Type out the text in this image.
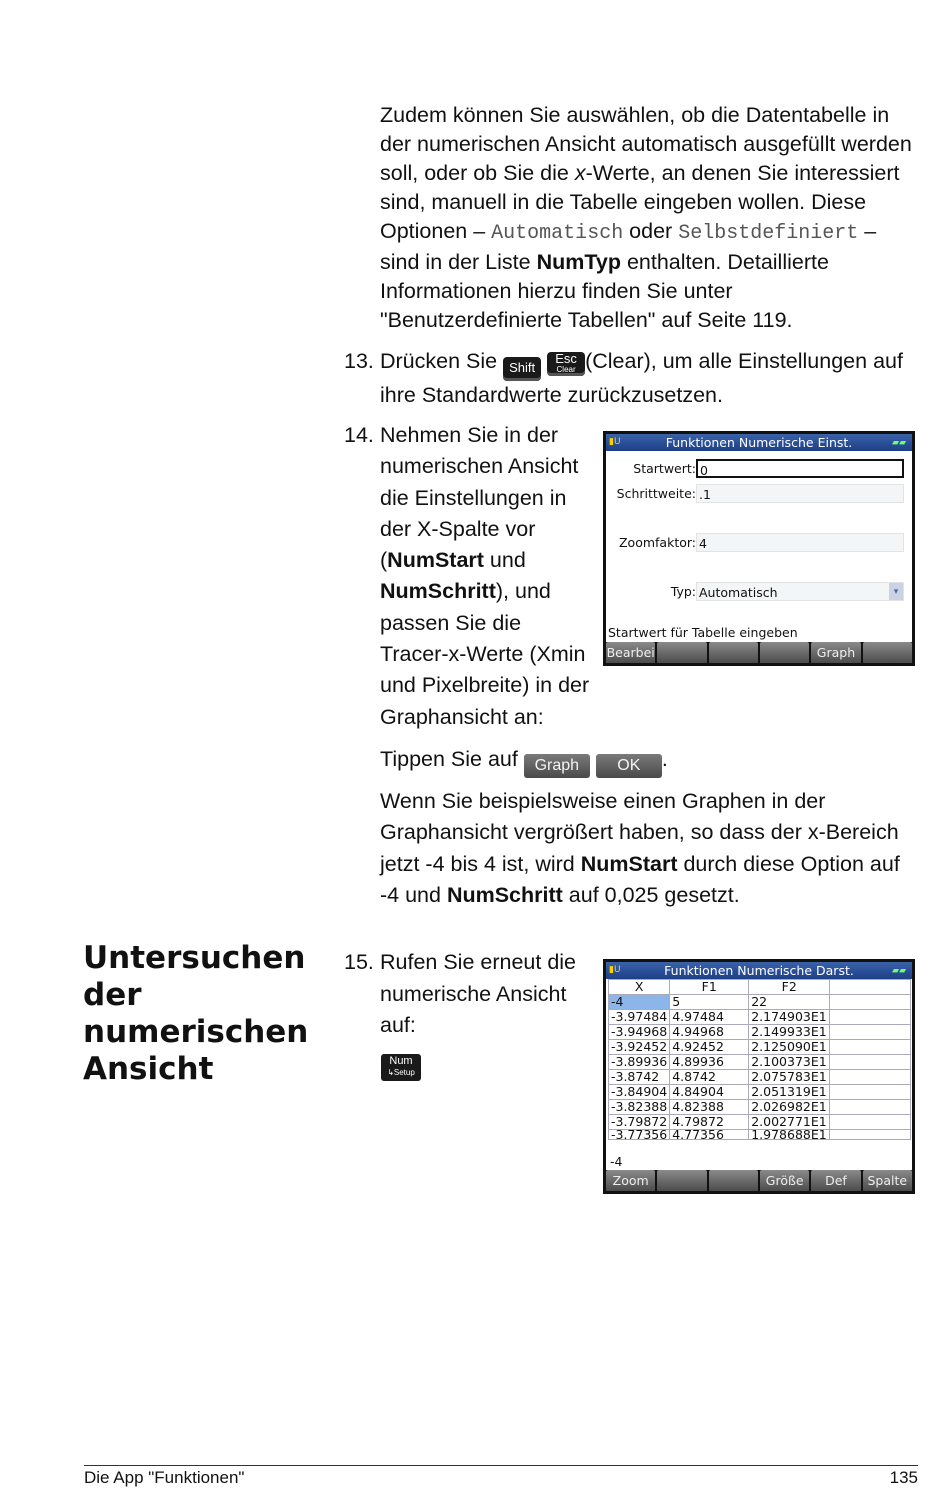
Zudem können Sie auswählen, ob die Datentabelle in der numerischen Ansicht automatisch ausgefüllt werden soll, oder ob Sie die x-Werte, an denen Sie interessiert sind, manuell in die Tabelle eingeben wollen. Diese Optionen – Automatisch oder Selbstdefiniert – sind in der Liste NumTyp enthalten. Detaillierte Informationen hierzu finden Sie unter "Benutzerdefinierte Tabellen" auf Seite 119.
13. Drücken Sie Shift Esc
Clear (Clear), um alle Einstellungen auf ihre Standardwerte zurückzusetzen.
14. Nehmen Sie in der numerischen Ansicht die Einstellungen in der X-Spalte vor (NumStart und NumSchritt), und passen Sie die Tracer-x-Werte (Xmin und Pixelbreite) in der Graphansicht an:
▮U	Funktionen Numerische Einst.	▰▰
Startwert: 0
Schrittweite: .1
Zoomfaktor: 4
Typ: Automatisch	▾
Startwert für Tabelle eingeben
Bearbei	Graph
Tippen Sie auf Graph OK .
Wenn Sie beispielsweise einen Graphen in der Graphansicht vergrößert haben, so dass der x-Bereich jetzt -4 bis 4 ist, wird NumStart durch diese Option auf -4 und NumSchritt auf 0,025 gesetzt.
Untersuchen der numerischen Ansicht
15. Rufen Sie erneut die numerische Ansicht auf:
Num
↳Setup
▮U	Funktionen Numerische Darst.	▰▰
X	F1	F2	
-4	5	22	
-3.97484	4.97484	2.174903E1	
-3.94968	4.94968	2.149933E1	
-3.92452	4.92452	2.125090E1	
-3.89936	4.89936	2.100373E1	
-3.8742	4.8742	2.075783E1	
-3.84904	4.84904	2.051319E1	
-3.82388	4.82388	2.026982E1	
-3.79872	4.79872	2.002771E1	
-3.77356	4.77356	1.978688E1	
-4
Zoom	Größe	Def	Spalte
Die App "Funktionen"	135
